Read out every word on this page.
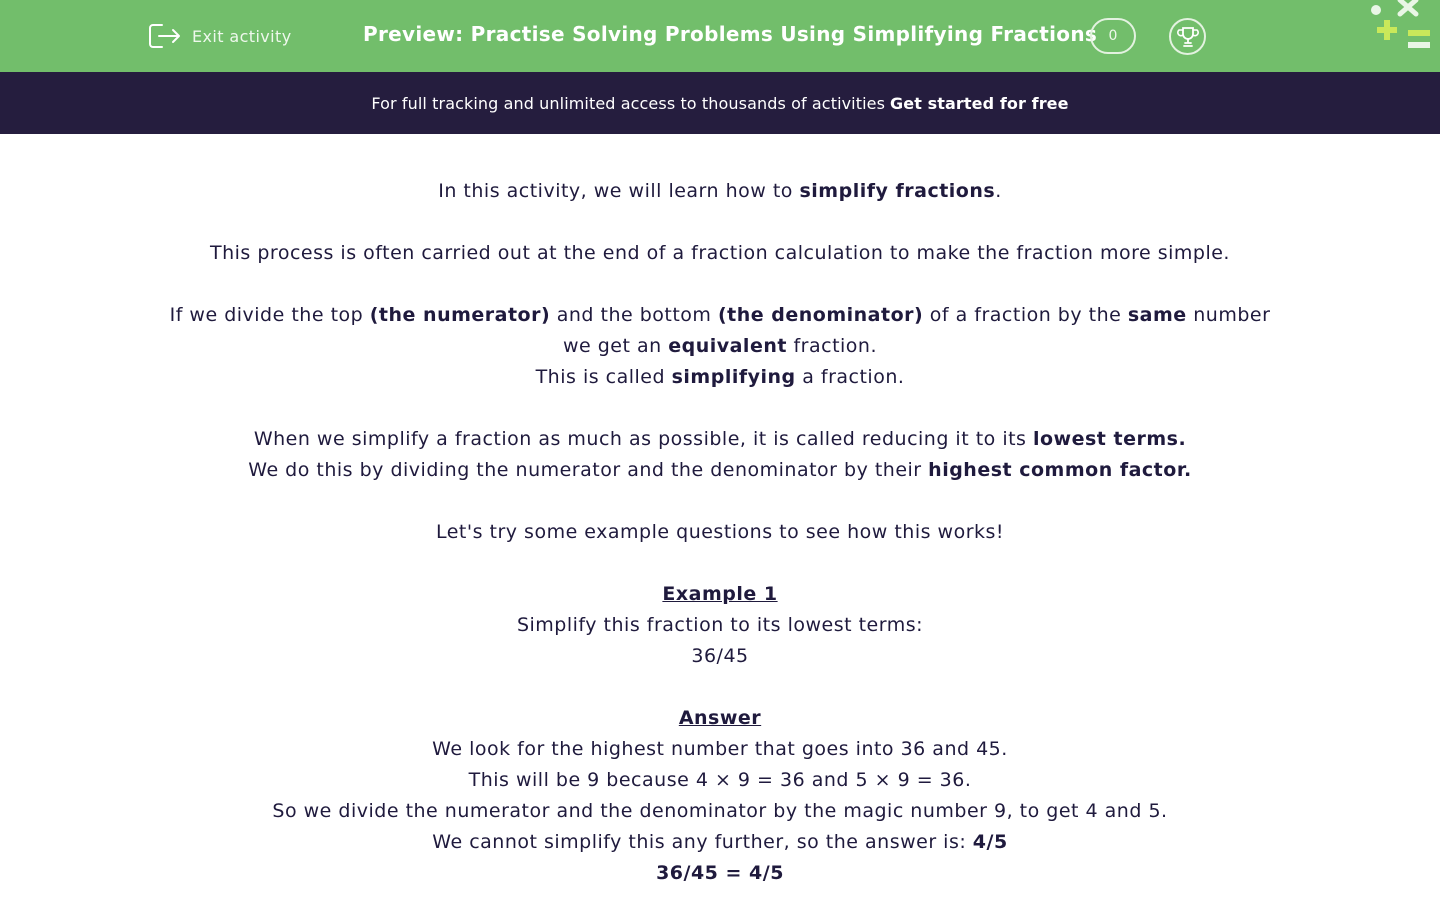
Exit activity	Preview: Practise Solving Problems Using Simplifying Fractions 0
For full tracking and unlimited access to thousands of activities Get started for free

In this activity, we will learn how to simplify fractions.

This process is often carried out at the end of a fraction calculation to make the fraction more simple.

If we divide the top (the numerator) and the bottom (the denominator) of a fraction by the same number

we get an equivalent fraction.

This is called simplifying a fraction.

When we simplify a fraction as much as possible, it is called reducing it to its lowest terms.

We do this by dividing the numerator and the denominator by their highest common factor.

Let's try some example questions to see how this works!

Example 1

Simplify this fraction to its lowest terms:

36/45

Answer

We look for the highest number that goes into 36 and 45.

This will be 9 because 4 × 9 = 36 and 5 × 9 = 36.

So we divide the numerator and the denominator by the magic number 9, to get 4 and 5.

We cannot simplify this any further, so the answer is: 4/5

36/45 = 4/5
